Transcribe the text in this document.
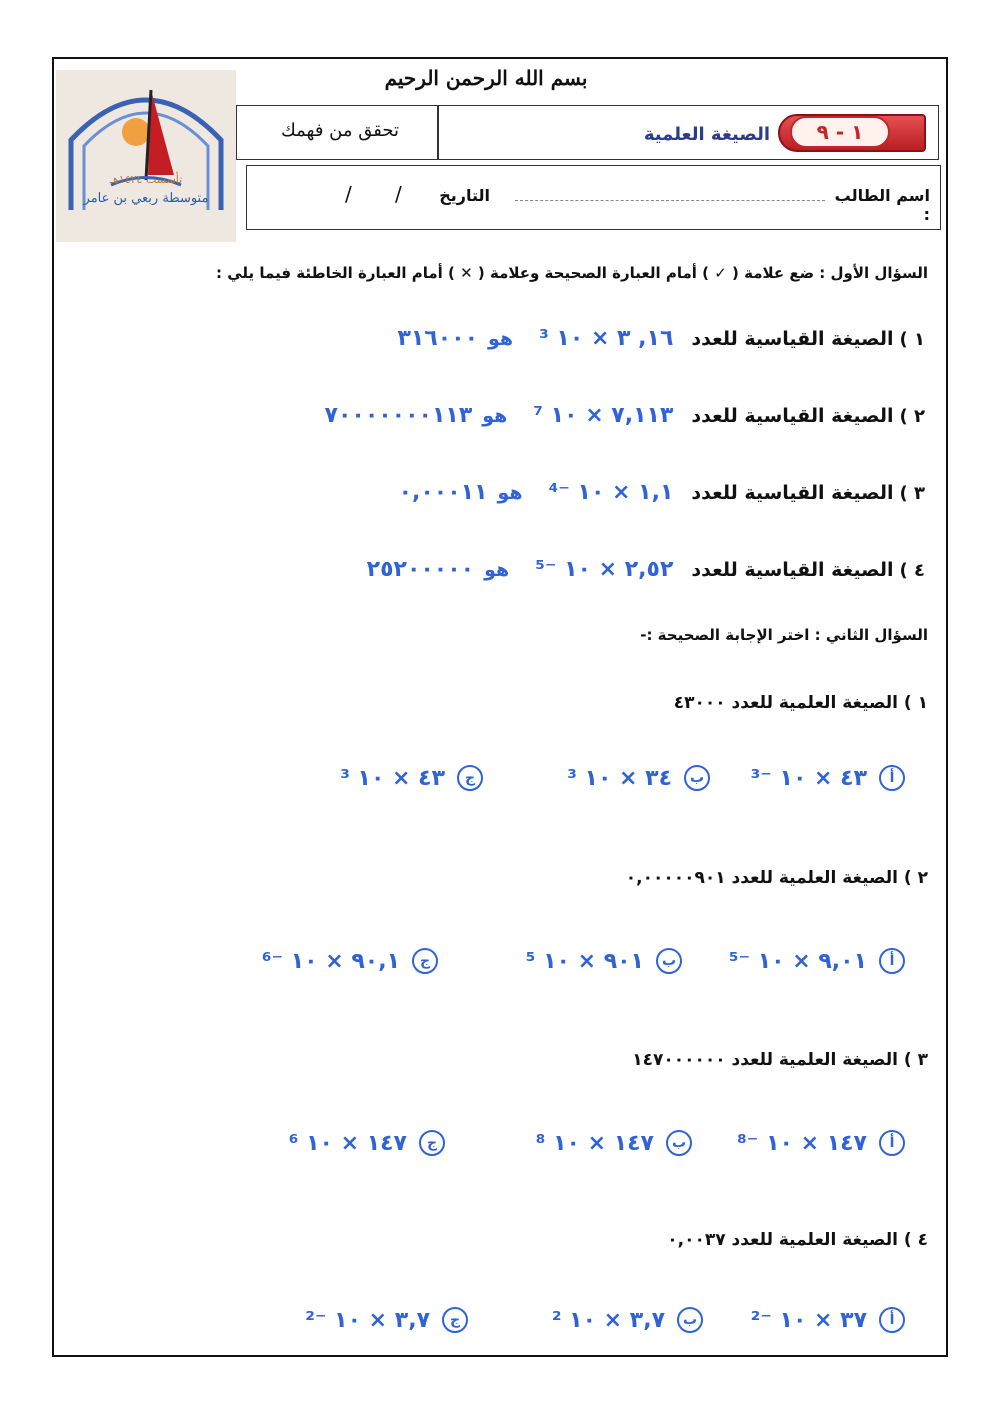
تأسست ١٤٢٤هـ
متوسطة ربعي بن عامر
بسم الله الرحمن الرحيم
تحقق من فهمك	١ - ٩
الصيغة العلمية
اسم الطالب :
التاريخ
/
/
السؤال الأول : ضع علامة ( ✓ ) أمام العبارة الصحيحة وعلامة ( ✕ ) أمام العبارة الخاطئة فيما يلي :
١ )
الصيغة القياسية للعدد
١٦, ٣ × ١٠ ³
هو
٣١٦٠٠٠
٢ )
الصيغة القياسية للعدد
٧,١١٣ × ١٠ ⁷
هو
٧٠٠٠٠٠٠٠١١٣
٣ )
الصيغة القياسية للعدد
١,١ × ١٠ ⁻⁴
هو
٠,٠٠٠١١
٤ )
الصيغة القياسية للعدد
٢,٥٢ × ١٠ ⁻⁵
هو
٢٥٢٠٠٠٠٠
السؤال الثاني : اختر الإجابة الصحيحة :-
١ ) الصيغة العلمية للعدد ٤٣٠٠٠
أ
٤٣ × ١٠ ⁻³
ب
٣٤ × ١٠ ³
ج
٤٣ × ١٠ ³
٢ ) الصيغة العلمية للعدد ٠,٠٠٠٠٠٩٠١
أ
٩,٠١ × ١٠ ⁻⁵
ب
٩٠١ × ١٠ ⁵
ج
٩٠,١ × ١٠ ⁻⁶
٣ ) الصيغة العلمية للعدد ١٤٧٠٠٠٠٠٠
أ
١٤٧ × ١٠ ⁻⁸
ب
١٤٧ × ١٠ ⁸
ج
١٤٧ × ١٠ ⁶
٤ ) الصيغة العلمية للعدد ٠,٠٠٣٧
أ
٣٧ × ١٠ ⁻²
ب
٣,٧ × ١٠ ²
ج
٣,٧ × ١٠ ⁻²
